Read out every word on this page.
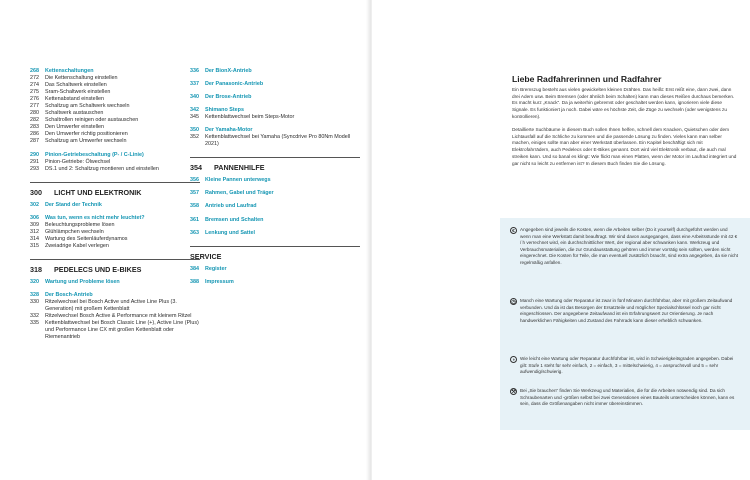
268	Kettenschaltungen
272	Die Kettenschaltung einstellen
274	Das Schaltwerk einstellen
275	Sram-Schaltwerk einstellen
276	Kettenabstand einstellen
277	Schaltzug am Schaltwerk wechseln
280	Schaltwerk austauschen
282	Schaltrollen reinigen oder austauschen
283	Den Umwerfer einstellen
286	Den Umwerfer richtig positionieren
287	Schaltzug am Umwerfer wechseln
290	Pinion-Getriebeschaltung (P- / C-Linie)
291	Pinion-Getriebe: Ölwechsel
293	DS.1 und 2: Schaltzug montieren und einstellen
300	LICHT UND ELEKTRONIK
302	Der Stand der Technik
306	Was tun, wenn es nicht mehr leuchtet?
309	Beleuchtungsprobleme lösen
312	Glühlämpchen wechseln
314	Wartung des Seitenläuferdynamos
315	Zweiadrige Kabel verlegen
318	PEDELECS UND E-BIKES
320	Wartung und Probleme lösen
328	Der Bosch-Antrieb
330	Ritzelwechsel bei Bosch Active und Active Line Plus (3. Generation) mit großem Kettenblatt
332	Ritzelwechsel Bosch Active & Performance mit kleinem Ritzel
335	Kettenblattwechsel bei Bosch Classic Line (+), Active Line (Plus) und Performance Line CX mit großen Kettenblatt oder Riemenantrieb
336	Der BionX-Antrieb
337	Der Panasonic-Antrieb
340	Der Brose-Antrieb
342	Shimano Steps
345	Kettenblattwechsel beim Steps-Motor
350	Der Yamaha-Motor
352	Kettenblattwechsel bei Yamaha (Syncdrive Pro 80Nm Modell 2021)
354	PANNENHILFE
356	Kleine Pannen unterwegs
357	Rahmen, Gabel und Träger
358	Antrieb und Laufrad
361	Bremsen und Schalten
363	Lenkung und Sattel
SERVICE
384	Register
388	Impressum
Liebe Radfahrerinnen und Radfahrer

Ein Bremszug besteht aus vielen gewickelten kleinen Drähten. Das heißt: Erst reißt eine, dann zwei, dann drei Adern usw. Beim Bremsen (oder ähnlich beim Schalten) kann man dieses Reißen durchaus bemerken. Es macht kurz „Knack“. Da ja weiterhin gebremst oder geschaltet werden kann, ignorieren viele diese Signale. Es funktioniert ja noch. Dabei wäre es höchste Zeit, die Züge zu wechseln (oder wenigstens zu kontrollieren).

Detaillierte Suchbäume in diesem Buch sollen Ihnen helfen, schnell dem Knacken, Quietschen oder dem Lichtausfall auf die Schliche zu kommen und die passende Lösung zu finden. Vieles kann man selber machen, einiges sollte man aber einer Werkstatt überlassen. Ein Kapitel beschäftigt sich mit Elektrofahrrädern, auch Pedelecs oder E-Bikes genannt. Dort wird viel Elektronik verbaut, die auch mal streiken kann. Und so banal es klingt: Wie flickt man einen Platten, wenn der Motor im Laufrad integriert und gar nicht so leicht zu entfernen ist? In diesem Buch finden Sie die Lösung.

€	Angegeben sind jeweils die Kosten, wenn die Arbeiten selber (Do it yourself) durchgeführt werden und wenn man eine Werkstatt damit beauftragt. Wir sind davon ausgegangen, dass eine Arbeitsstunde mit 42 € / h verrechnet wird, ein durchschnittlicher Wert, der regional aber schwanken kann. Werkzeug und Verbrauchsmaterialien, die zur Grundausstattung gehören und immer vorrätig sein sollten, werden nicht eingerechnet. Die Kosten für Teile, die man eventuell zusätzlich braucht, sind extra angegeben, da sie nicht regelmäßig anfallen.
◷ Manch eine Wartung oder Reparatur ist zwar in fünf Minuten durchführbar, aber mit großem Zeitaufwand verbunden. Und da ist das Besorgen der Ersatzteile und möglicher Spezialschlüssel noch gar nicht eingeschlossen. Der angegebene Zeitaufwand ist ein Erfahrungswert zur Orientierung. Je nach handwerklichen Fähigkeiten und Zustand des Fahrrads kann dieser erheblich schwanken.
◑	Wie leicht eine Wartung oder Reparatur durchführbar ist, wird in Schwierigkeitsgraden angegeben. Dabei gilt: Stufe 1 steht für sehr einfach, 2 = einfach, 3 = mittelschwierig, 4 = anspruchsvoll und 5 = sehr aufwendig/schwierig.
⚒ Bei „Sie brauchen“ finden Sie Werkzeug und Materialien, die für die Arbeiten notwendig sind. Da sich Schraubenarten und -größen selbst bei zwei Generationen eines Bauteils unterscheiden können, kann es sein, dass die Größenangaben nicht immer übereinstimmen.
